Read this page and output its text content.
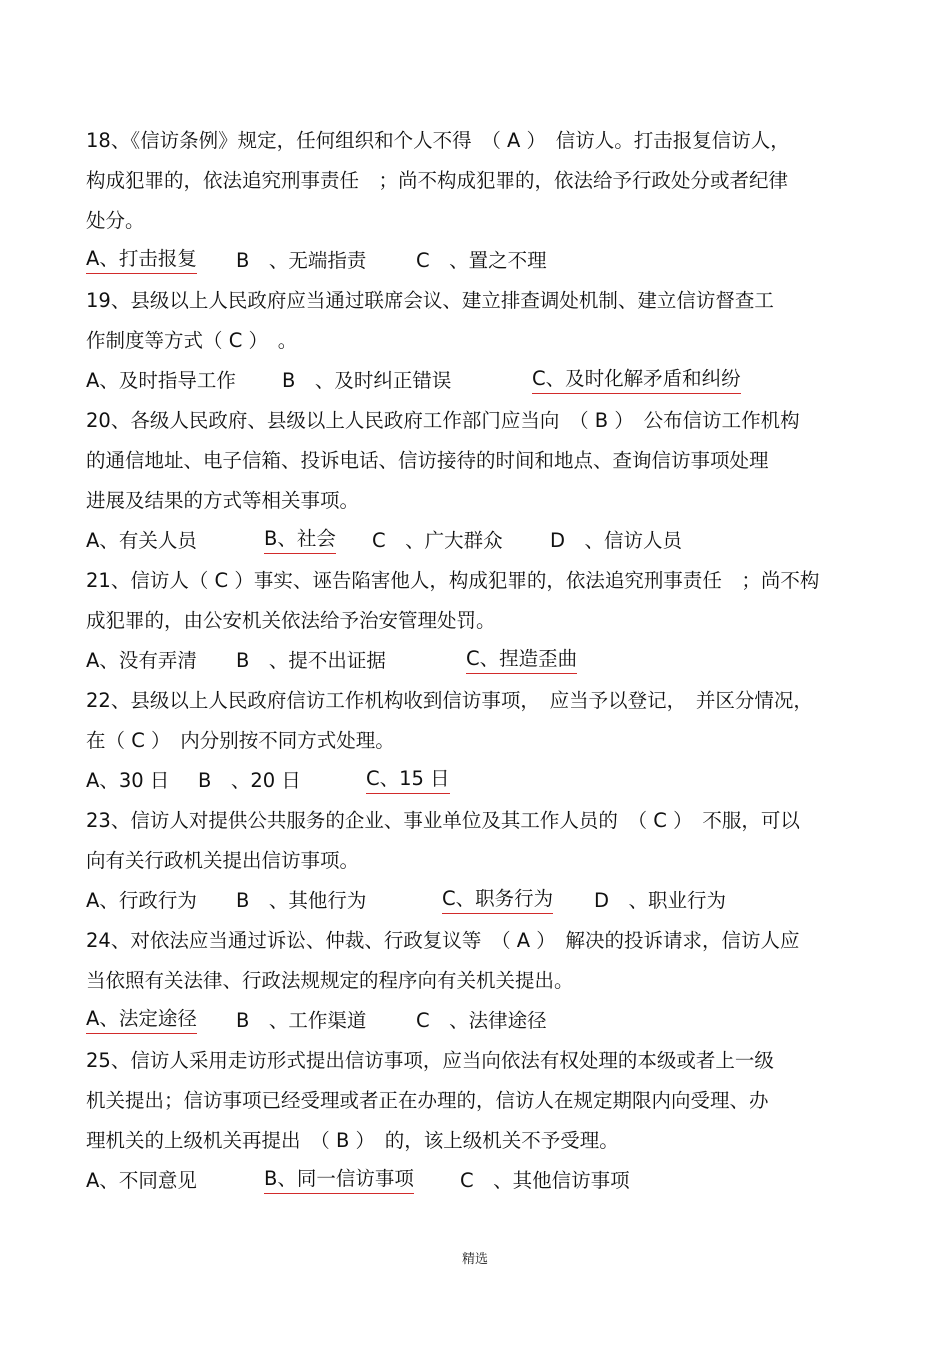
18、《信访条例》规定，任何组织和个人不得　（ A ）　信访人。打击报复信访人，
构成犯罪的，依法追究刑事责任　；尚不构成犯罪的，依法给予行政处分或者纪律
处分。
A、打击报复 B　、无端指责	C　、置之不理
19、县级以上人民政府应当通过联席会议、建立排查调处机制、建立信访督查工
作制度等方式（ C ）　。
A、及时指导工作 B　、及时纠正错误	C、及时化解矛盾和纠纷
20、各级人民政府、县级以上人民政府工作部门应当向　（ B ）　公布信访工作机构
的通信地址、电子信箱、投诉电话、信访接待的时间和地点、查询信访事项处理
进展及结果的方式等相关事项。
A、有关人员	B、社会 C　、广大群众 D　、信访人员
21、信访人（ C ）事实、诬告陷害他人，构成犯罪的，依法追究刑事责任　；尚不构
成犯罪的，由公安机关依法给予治安管理处罚。
A、没有弄清 B　、提不出证据	C、捏造歪曲
22、县级以上人民政府信访工作机构收到信访事项，　应当予以登记，　并区分情况，
在（ C ）　内分别按不同方式处理。
A、30 日 B　、20 日	C、15 日
23、信访人对提供公共服务的企业、事业单位及其工作人员的　（ C ）　不服，可以
向有关行政机关提出信访事项。
A、行政行为 B　、其他行为	C、职务行为 D　、职业行为
24、对依法应当通过诉讼、仲裁、行政复议等　（ A ）　解决的投诉请求，信访人应
当依照有关法律、行政法规规定的程序向有关机关提出。
A、法定途径 B　、工作渠道	C　、法律途径
25、信访人采用走访形式提出信访事项，应当向依法有权处理的本级或者上一级
机关提出；信访事项已经受理或者正在办理的，信访人在规定期限内向受理、办
理机关的上级机关再提出　（ B ）　的，该上级机关不予受理。
A、不同意见	B、同一信访事项 C　、其他信访事项
精选
